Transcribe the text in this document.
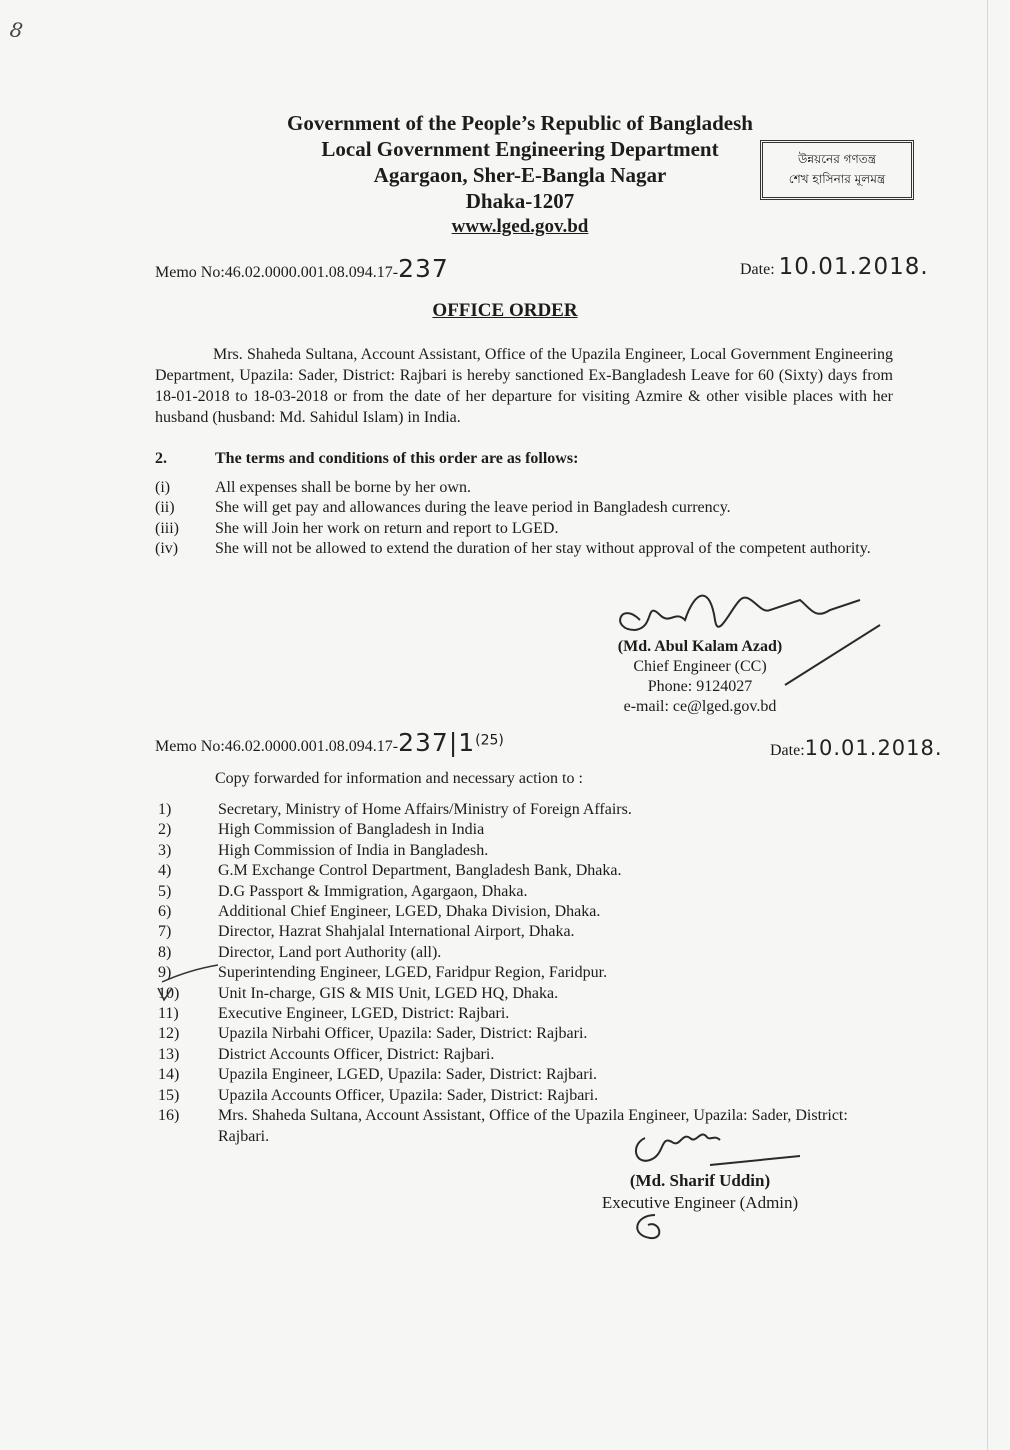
8
Government of the People’s Republic of Bangladesh
Local Government Engineering Department
Agargaon, Sher-E-Bangla Nagar
Dhaka-1207
www.lged.gov.bd
উন্নয়নের গণতন্ত্র
শেখ হাসিনার মূলমন্ত্র
Memo No:46.02.0000.001.08.094.17-237	Date: 10.01.2018.
OFFICE ORDER
Mrs. Shaheda Sultana, Account Assistant, Office of the Upazila Engineer, Local Government Engineering Department, Upazila: Sader, District: Rajbari is hereby sanctioned Ex-Bangladesh Leave for 60 (Sixty) days from 18-01-2018 to 18-03-2018 or from the date of her departure for visiting Azmire & other visible places with her husband (husband: Md. Sahidul Islam) in India.
2.	The terms and conditions of this order are as follows:
(i)	All expenses shall be borne by her own.
(ii)	She will get pay and allowances during the leave period in Bangladesh currency.
(iii) She will Join her work on return and report to LGED.
(iv) She will not be allowed to extend the duration of her stay without approval of the competent authority.
(Md. Abul Kalam Azad)
Chief Engineer (CC)
Phone: 9124027
e-mail: ce@lged.gov.bd
Memo No:46.02.0000.001.08.094.17-237|1(25)
Date:10.01.2018.
Copy forwarded for information and necessary action to :
1)	Secretary, Ministry of Home Affairs/Ministry of Foreign Affairs.
2)	High Commission of Bangladesh in India
3)	High Commission of India in Bangladesh.
4)	G.M Exchange Control Department, Bangladesh Bank, Dhaka.
5)	D.G Passport & Immigration, Agargaon, Dhaka.
6)	Additional Chief Engineer, LGED, Dhaka Division, Dhaka.
7)	Director, Hazrat Shahjalal International Airport, Dhaka.
8)	Director, Land port Authority (all).
9)	Superintending Engineer, LGED, Faridpur Region, Faridpur.
10) Unit In-charge, GIS & MIS Unit, LGED HQ, Dhaka.
11) Executive Engineer, LGED, District: Rajbari.
12) Upazila Nirbahi Officer, Upazila: Sader, District: Rajbari.
13) District Accounts Officer, District: Rajbari.
14) Upazila Engineer, LGED, Upazila: Sader, District: Rajbari.
15) Upazila Accounts Officer, Upazila: Sader, District: Rajbari.
16) Mrs. Shaheda Sultana, Account Assistant, Office of the Upazila Engineer, Upazila: Sader, District: Rajbari.
(Md. Sharif Uddin)
Executive Engineer (Admin)
